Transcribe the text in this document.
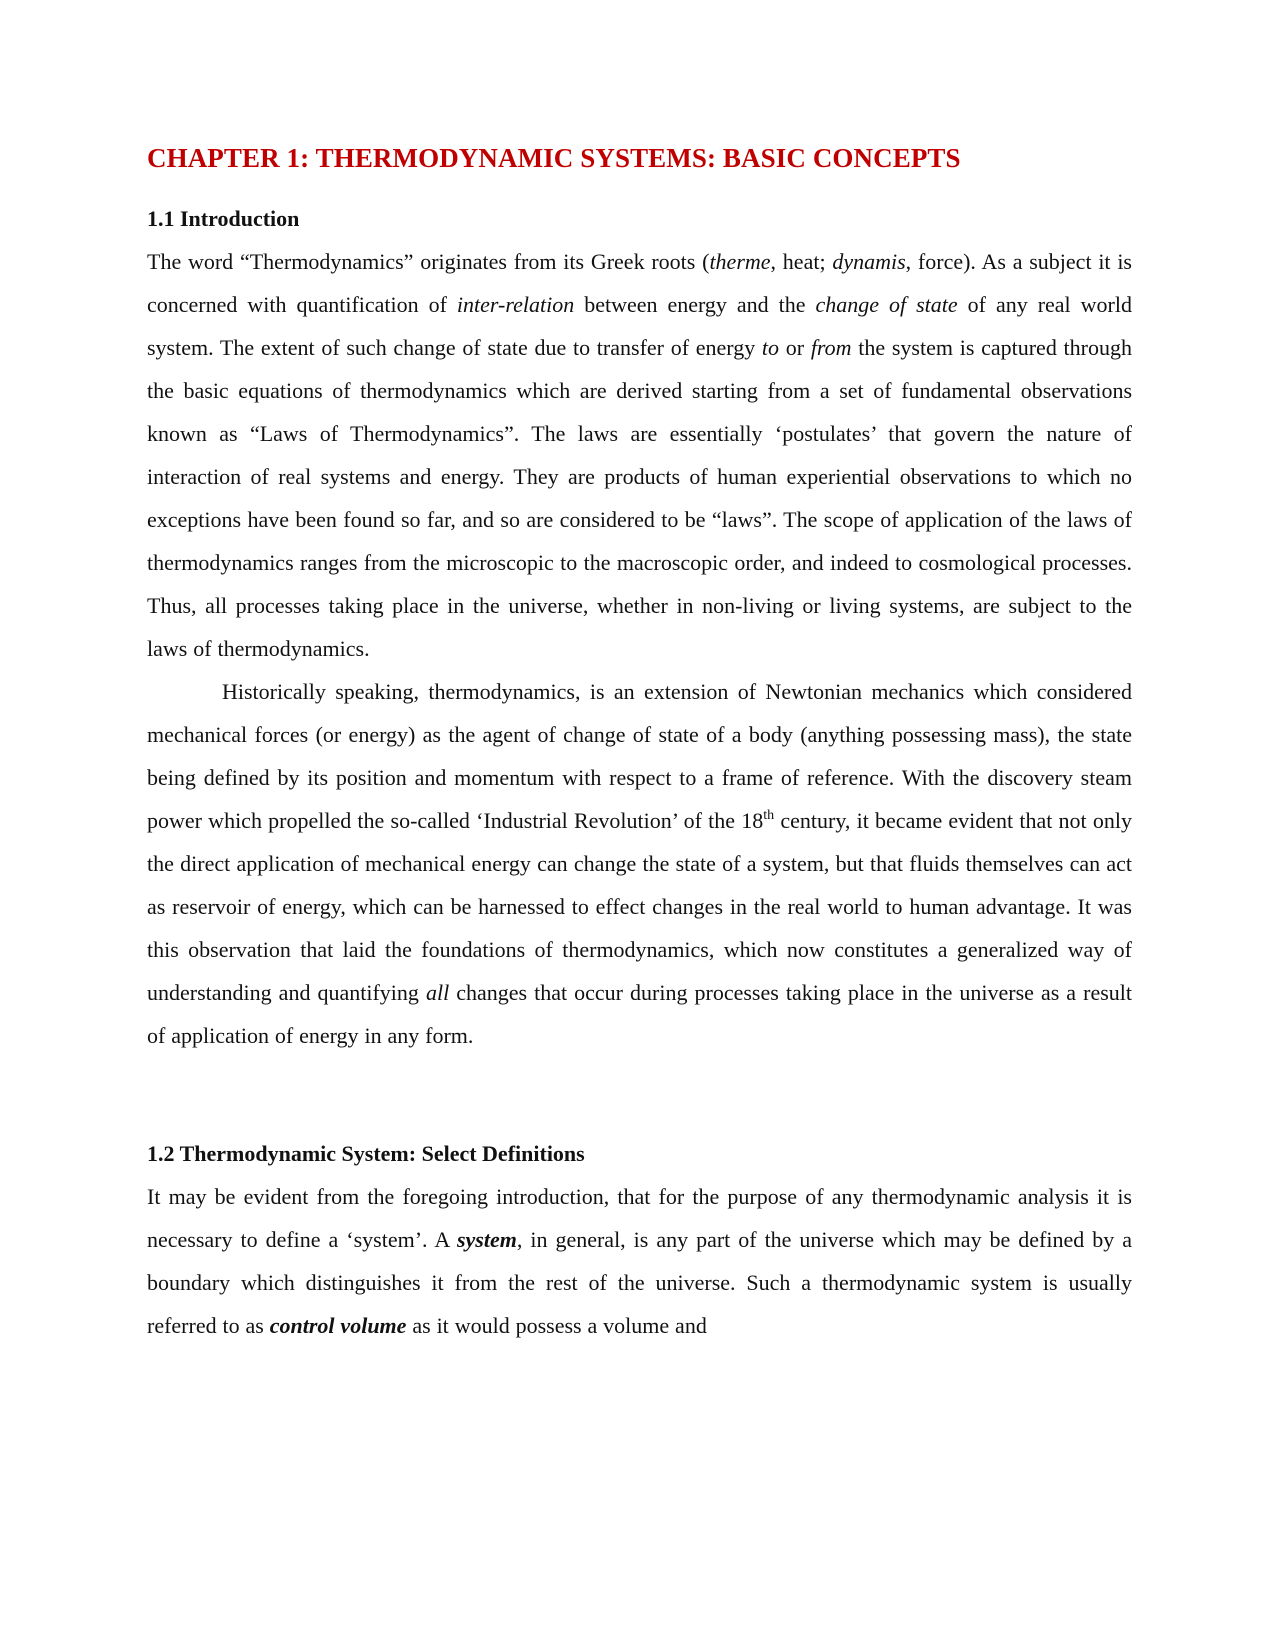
CHAPTER 1: THERMODYNAMIC SYSTEMS: BASIC CONCEPTS
1.1 Introduction

The word “Thermodynamics” originates from its Greek roots (therme, heat; dynamis, force). As a subject it is concerned with quantification of inter-relation between energy and the change of state of any real world system. The extent of such change of state due to transfer of energy to or from the system is captured through the basic equations of thermodynamics which are derived starting from a set of fundamental observations known as “Laws of Thermodynamics”. The laws are essentially ‘postulates’ that govern the nature of interaction of real systems and energy. They are products of human experiential observations to which no exceptions have been found so far, and so are considered to be “laws”. The scope of application of the laws of thermodynamics ranges from the microscopic to the macroscopic order, and indeed to cosmological processes. Thus, all processes taking place in the universe, whether in non-living or living systems, are subject to the laws of thermodynamics.

Historically speaking, thermodynamics, is an extension of Newtonian mechanics which considered mechanical forces (or energy) as the agent of change of state of a body (anything possessing mass), the state being defined by its position and momentum with respect to a frame of reference. With the discovery steam power which propelled the so-called ‘Industrial Revolution’ of the 18th century, it became evident that not only the direct application of mechanical energy can change the state of a system, but that fluids themselves can act as reservoir of energy, which can be harnessed to effect changes in the real world to human advantage. It was this observation that laid the foundations of thermodynamics, which now constitutes a generalized way of understanding and quantifying all changes that occur during processes taking place in the universe as a result of application of energy in any form.

1.2 Thermodynamic System: Select Definitions

It may be evident from the foregoing introduction, that for the purpose of any thermodynamic analysis it is necessary to define a ‘system’. A system, in general, is any part of the universe which may be defined by a boundary which distinguishes it from the rest of the universe. Such a thermodynamic system is usually referred to as control volume as it would possess a volume and
